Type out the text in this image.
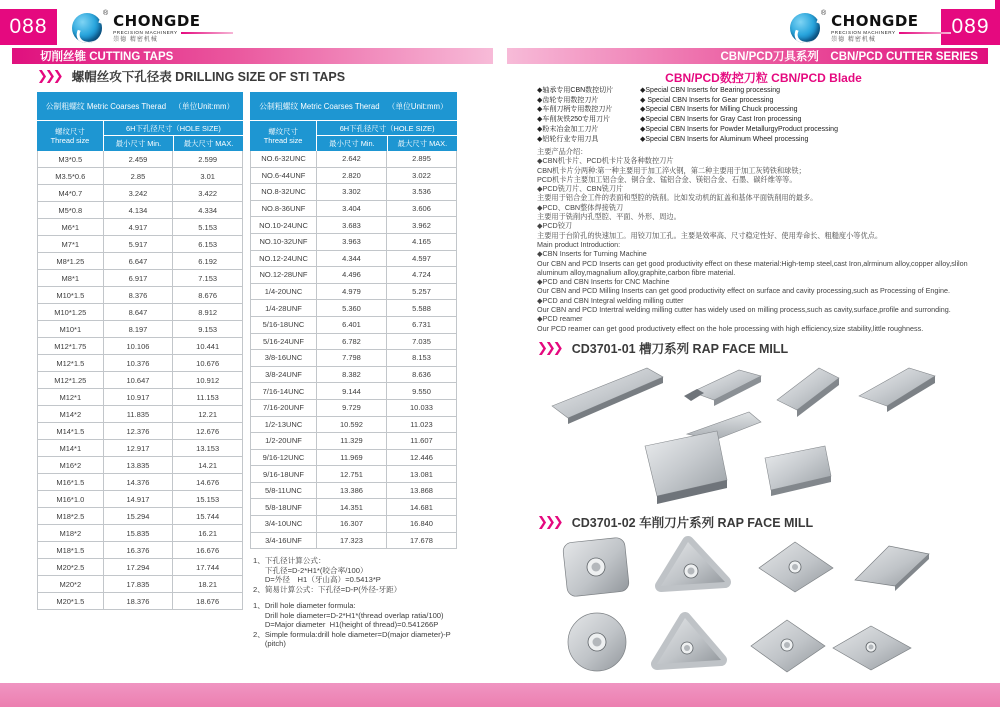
088
® CHONGDE
PRECISION MACHINERY
崇德 精密机械
切削丝锥 CUTTING TAPS
089
® CHONGDE
PRECISION MACHINERY
崇德 精密机械
CBN/PCD刀具系列　CBN/PCD CUTTER SERIES
❯❯❯ 螺帽丝攻下孔径表 DRILLING SIZE OF STI TAPS
公制粗螺纹 Metric Coarses Therad （单位Unit:mm）
螺纹尺寸
Thread size
6H下孔径尺寸（HOLE SIZE)
最小尺寸 Min.	最大尺寸 MAX.
M3*0.5	2.459	2.599
M3.5*0.6	2.85	3.01
M4*0.7	3.242	3.422
M5*0.8	4.134	4.334
M6*1	4.917	5.153
M7*1	5.917	6.153
M8*1.25	6.647	6.192
M8*1	6.917	7.153
M10*1.5	8.376	8.676
M10*1.25	8.647	8.912
M10*1	8.197	9.153
M12*1.75	10.106	10.441
M12*1.5	10.376	10.676
M12*1.25	10.647	10.912
M12*1	10.917	11.153
M14*2	11.835	12.21
M14*1.5	12.376	12.676
M14*1	12.917	13.153
M16*2	13.835	14.21
M16*1.5	14.376	14.676
M16*1.0	14.917	15.153
M18*2.5	15.294	15.744
M18*2	15.835	16.21
M18*1.5	16.376	16.676
M20*2.5	17.294	17.744
M20*2	17.835	18.21
M20*1.5	18.376	18.676
公制粗螺纹 Metric Coarses Therad （单位Unit:mm）
螺纹尺寸
Thread size
6H下孔径尺寸（HOLE SIZE)
最小尺寸 Min.	最大尺寸 MAX.
NO.6-32UNC	2.642	2.895
NO.6-44UNF	2.820	3.022
NO.8-32UNC	3.302	3.536
NO.8-36UNF	3.404	3.606
NO.10-24UNC	3.683	3.962
NO.10-32UNF	3.963	4.165
NO.12-24UNC	4.344	4.597
NO.12-28UNF	4.496	4.724
1/4-20UNC	4.979	5.257
1/4-28UNF	5.360	5.588
5/16-18UNC	6.401	6.731
5/16-24UNF	6.782	7.035
3/8-16UNC	7.798	8.153
3/8-24UNF	8.382	8.636
7/16-14UNC	9.144	9.550
7/16-20UNF	9.729	10.033
1/2-13UNC	10.592	11.023
1/2-20UNF	11.329	11.607
9/16-12UNC	11.969	12.446
9/16-18UNF	12.751	13.081
5/8-11UNC	13.386	13.868
5/8-18UNF	14.351	14.681
3/4-10UNC	16.307	16.840
3/4-16UNF	17.323	17.678
1、下孔径计算公式：
　  下孔径=D-2*H1*(咬合率/100）
　  D=外径　H1（牙山高）=0.5413*P
2、简易计算公式：下孔径=D-P(外径-牙距）
1、Drill hole diameter formula:
　  Drill hole diameter=D-2*H1*(thread overlap ratia/100)
　  D=Major diameter  H1(height of thread)=0.541266P
2、Simple formula:drill hole diameter=D(major diameter)-P
　  (pitch)
CBN/PCD数控刀粒 CBN/PCD Blade
◆轴承专用CBN数控切片
◆齿轮专用数控刀片
◆车削刀柄专用数控刀片
◆车削灰铁250专用刀片
◆粉末冶金加工刀片
◆铝轮行业专用刀具
◆Special CBN Inserts for Bearing processing
◆ Special CBN Inserts for Gear processing
◆Special CBN Inserts for Milling Chuck processing
◆Special CBN Inserts for Gray Cast Iron processing
◆Special CBN Inserts for Powder MetallurgyProduct processing
◆Special CBN Inserts for Aluminum Wheel processing
主要产品介绍：
◆CBN机卡片、PCD机卡片及各种数控刀片
CBN机卡片分两种:第一种主要用于加工淬火钢，第二种主要用于加工灰铸铁和球铁；
PCD机卡片主要加工铝合金、铜合金、锰铝合金、镁铝合金、石墨、碳纤维等等。
◆PCD铣刀片、CBN铣刀片
主要用于铝合金工件的表面和型腔的铣削。比如发动机的缸盖和基体平面铣削用的最多。
◆PCD、CBN整体焊接铣刀
主要用于铣削内孔型腔、平面、外形、周边。
◆PCD铰刀
主要用于台阶孔的快速加工。用铰刀加工孔。主要是效率高、尺寸稳定性好、使用寿命长、粗糙度小等优点。
Main product Introduction:
◆CBN Inserts for Turning Machine
Our CBN and PCD Inserts can get good productivity effect on these material:High-temp steel,cast Iron,alrminum alloy,copper alloy,slilon aluminum alloy,magnalium alloy,graphite,carbon fibre material.
◆PCD and CBN Inserts for CNC Machine
Our CBN and PCD Milling Inserts can get good productivity effect on surface and cavity processing,such as Processing of Engine.
◆PCD and CBN Integral welding milling cutter
Our CBN and PCD Intertral welding milling cutter has widely used on milling process,such as cavity,surface,profile and surronding.
◆PCD reamer
Our PCD reamer can get good productivety effect on the hole processing with high efficiency,size stability,little roughness.
❯❯❯ CD3701-01 槽刀系列 RAP FACE MILL
❯❯❯ CD3701-02 车削刀片系列 RAP FACE MILL
